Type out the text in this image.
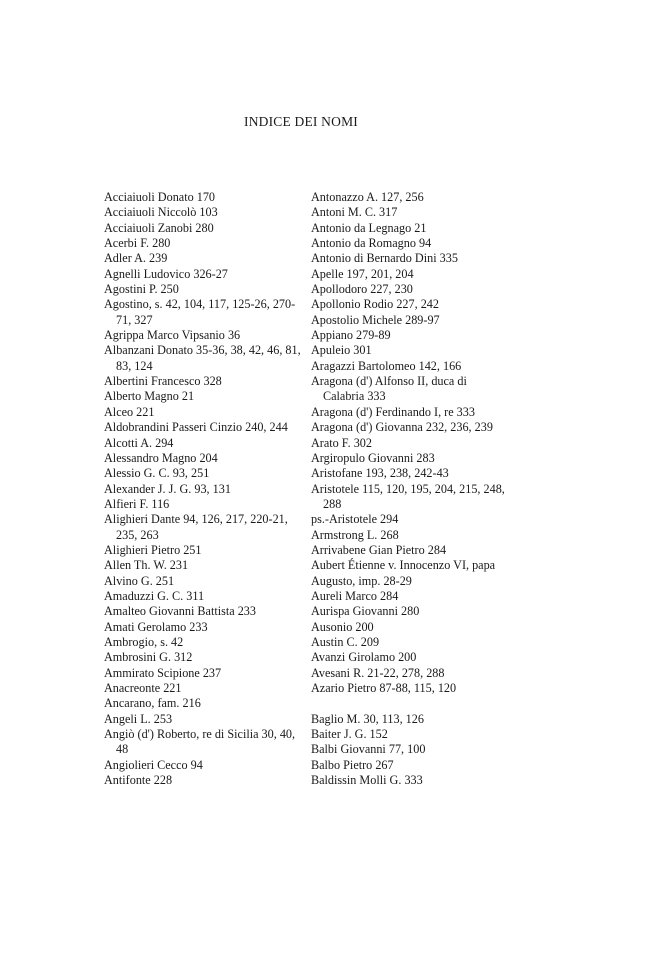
INDICE DEI NOMI
Acciaiuoli Donato 170
Acciaiuoli Niccolò 103
Acciaiuoli Zanobi 280
Acerbi F. 280
Adler A. 239
Agnelli Ludovico 326-27
Agostini P. 250
Agostino, s. 42, 104, 117, 125-26, 270-71, 327
Agrippa Marco Vipsanio 36
Albanzani Donato 35-36, 38, 42, 46, 81, 83, 124
Albertini Francesco 328
Alberto Magno 21
Alceo 221
Aldobrandini Passeri Cinzio 240, 244
Alcotti A. 294
Alessandro Magno 204
Alessio G. C. 93, 251
Alexander J. J. G. 93, 131
Alfieri F. 116
Alighieri Dante 94, 126, 217, 220-21, 235, 263
Alighieri Pietro 251
Allen Th. W. 231
Alvino G. 251
Amaduzzi G. C. 311
Amalteo Giovanni Battista 233
Amati Gerolamo 233
Ambrogio, s. 42
Ambrosini G. 312
Ammirato Scipione 237
Anacreonte 221
Ancarano, fam. 216
Angeli L. 253
Angiò (d') Roberto, re di Sicilia 30, 40, 48
Angiolieri Cecco 94
Antifonte 228
Antonazzo A. 127, 256
Antoni M. C. 317
Antonio da Legnago 21
Antonio da Romagno 94
Antonio di Bernardo Dini 335
Apelle 197, 201, 204
Apollodoro 227, 230
Apollonio Rodio 227, 242
Apostolio Michele 289-97
Appiano 279-89
Apuleio 301
Aragazzi Bartolomeo 142, 166
Aragona (d') Alfonso II, duca di Calabria 333
Aragona (d') Ferdinando I, re 333
Aragona (d') Giovanna 232, 236, 239
Arato F. 302
Argiropulo Giovanni 283
Aristofane 193, 238, 242-43
Aristotele 115, 120, 195, 204, 215, 248, 288
ps.-Aristotele 294
Armstrong L. 268
Arrivabene Gian Pietro 284
Aubert Étienne v. Innocenzo VI, papa
Augusto, imp. 28-29
Aureli Marco 284
Aurispa Giovanni 280
Ausonio 200
Austin C. 209
Avanzi Girolamo 200
Avesani R. 21-22, 278, 288
Azario Pietro 87-88, 115, 120
Baglio M. 30, 113, 126
Baiter J. G. 152
Balbi Giovanni 77, 100
Balbo Pietro 267
Baldissin Molli G. 333
